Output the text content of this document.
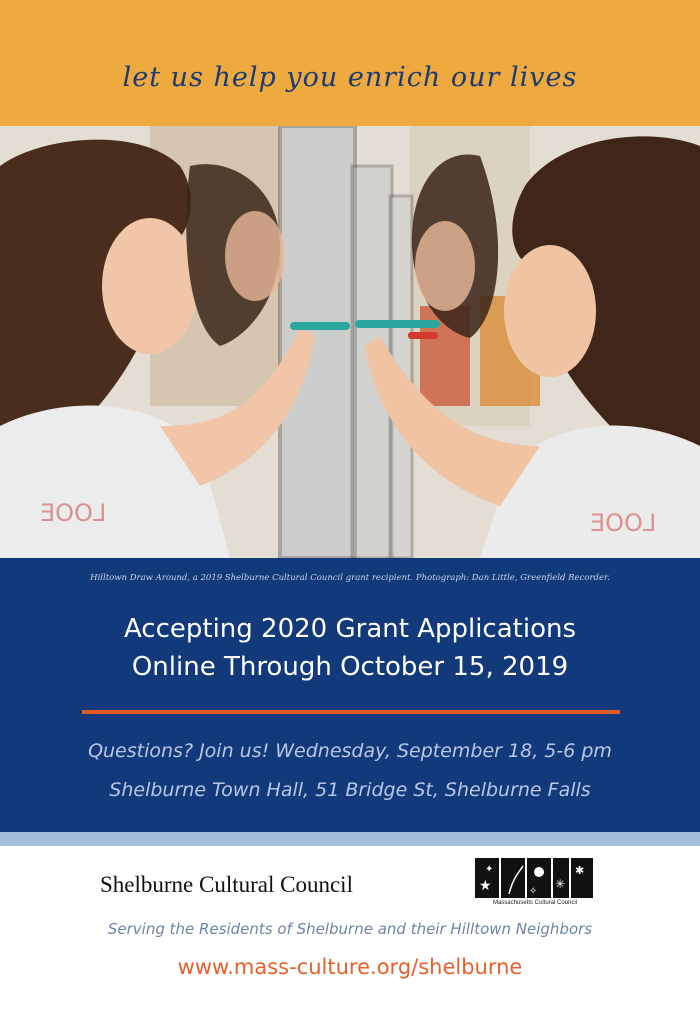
let us help you enrich our lives
ƎOO⅃	ƎOO⅃
Hilltown Draw Around, a 2019 Shelburne Cultural Council grant recipient. Photograph: Dan Little, Greenfield Recorder.
Accepting 2020 Grant Applications
Online Through October 15, 2019
Questions? Join us! Wednesday, September 18, 5-6 pm
Shelburne Town Hall, 51 Bridge St, Shelburne Falls
Shelburne Cultural Council	★
✦
✧
✳
✱
Massachusetts Cultural Council
Serving the Residents of Shelburne and their Hilltown Neighbors
www.mass-culture.org/shelburne
